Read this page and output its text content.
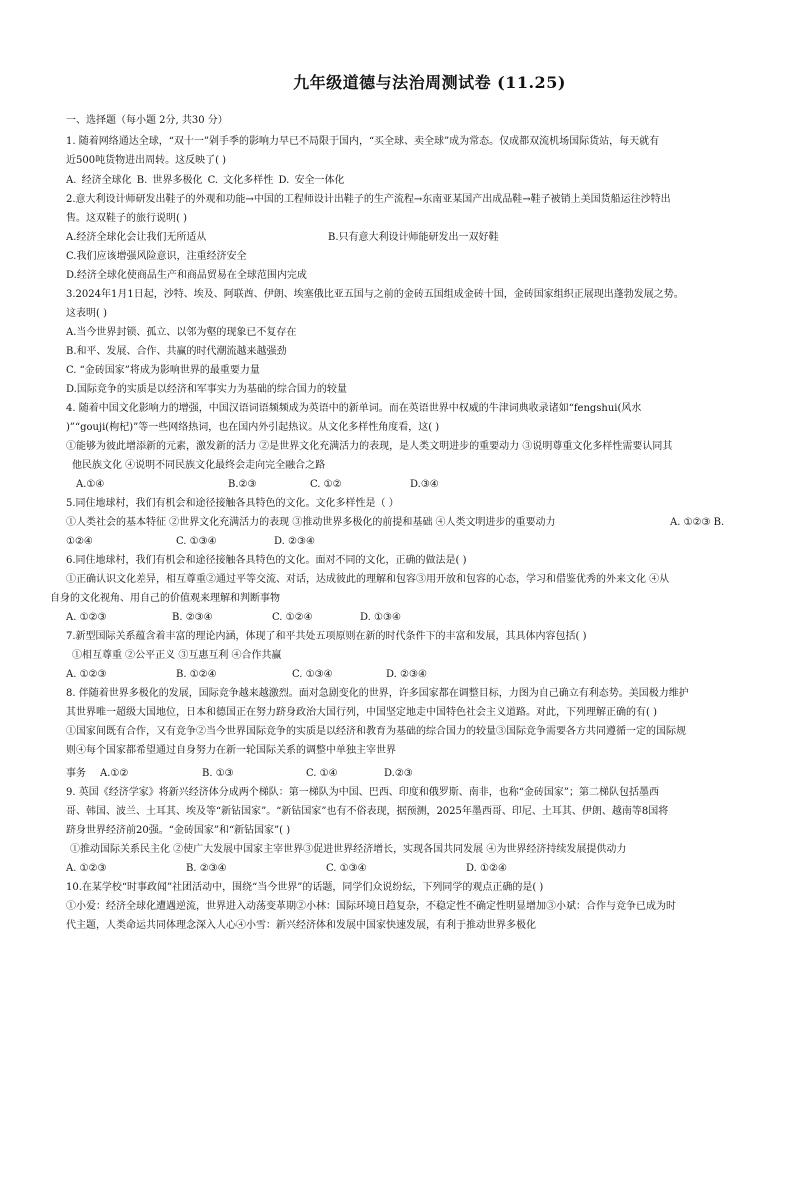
九年级道德与法治周测试卷 (11.25)
一、选择题（每小题 2分, 共30 分）
1. 随着网络通达全球，“双十一”剁手季的影响力早已不局限于国内，“买全球、卖全球”成为常态。仅成都双流机场国际货站，每天就有
近500吨货物进出周转。这反映了( )
A. 经济全球化 B. 世界多极化 C. 文化多样性 D. 安全一体化
2.意大利设计师研发出鞋子的外观和功能→中国的工程师设计出鞋子的生产流程→东南亚某国产出成品鞋→鞋子被销上美国货船运往沙特出
售。这双鞋子的旅行说明( )
A.经济全球化会让我们无所适从	B.只有意大利设计师能研发出一双好鞋
C.我们应该增强风险意识，注重经济安全
D.经济全球化使商品生产和商品贸易在全球范围内完成
3.2024年1月1日起，沙特、埃及、阿联酋、伊朗、埃塞俄比亚五国与之前的金砖五国组成金砖十国，金砖国家组织正展现出蓬勃发展之势。
这表明( )
A.当今世界封锁、孤立、以邻为壑的现象已不复存在
B.和平、发展、合作、共赢的时代潮流越来越强劲
C. “金砖国家”将成为影响世界的最重要力量
D.国际竞争的实质是以经济和军事实力为基础的综合国力的较量
4. 随着中国文化影响力的增强，中国汉语词语频频成为英语中的新单词。而在英语世界中权威的牛津词典收录诸如“fengshui(风水
)”“gouji(枸杞)”等一些网络热词，也在国内外引起热议。从文化多样性角度看，这( )
①能够为彼此增添新的元素，激发新的活力 ②是世界文化充满活力的表现，是人类文明进步的重要动力 ③说明尊重文化多样性需要认同其
他民族文化 ④说明不同民族文化最终会走向完全融合之路
A.①④	B.②③	C. ①②	D.③④
5.同住地球村，我们有机会和途径接触各具特色的文化。文化多样性是（ ）
①人类社会的基本特征 ②世界文化充满活力的表现 ③推动世界多极化的前提和基础 ④人类文明进步的重要动力	A. ①②③ B.
①②④	C. ①③④	D. ②③④
6.同住地球村，我们有机会和途径接触各具特色的文化。面对不同的文化，正确的做法是( )
①正确认识文化差异，相互尊重②通过平等交流、对话，达成彼此的理解和包容③用开放和包容的心态，学习和借鉴优秀的外来文化 ④从
自身的文化视角、用自己的价值观来理解和判断事物
A. ①②③	B. ②③④	C. ①②④	D. ①③④
7.新型国际关系蕴含着丰富的理论内涵，体现了和平共处五项原则在新的时代条件下的丰富和发展，其具体内容包括( )
①相互尊重 ②公平正义 ③互惠互利 ④合作共赢
A. ①②③	B. ①②④	C. ①③④	D. ②③④
8. 伴随着世界多极化的发展，国际竞争越来越激烈。面对急剧变化的世界，许多国家都在调整目标，力图为自己确立有利态势。美国极力维护
其世界唯一超级大国地位，日本和德国正在努力跻身政治大国行列，中国坚定地走中国特色社会主义道路。对此，下列理解正确的有( )
①国家间既有合作，又有竞争②当今世界国际竞争的实质是以经济和教育为基础的综合国力的较量③国际竞争需要各方共同遵循一定的国际规
则④每个国家都希望通过自身努力在新一轮国际关系的调整中单独主宰世界
事务	A.①②	B. ①③	C. ①④	D.②③
9. 英国《经济学家》将新兴经济体分成两个梯队：第一梯队为中国、巴西、印度和俄罗斯、南非，也称“金砖国家”；第二梯队包括墨西
哥、韩国、波兰、土耳其、埃及等“新钻国家”。“新钻国家”也有不俗表现，据预测，2025年墨西哥、印尼、土耳其、伊朗、越南等8国将
跻身世界经济前20强。“金砖国家”和“新钻国家”( )
①推动国际关系民主化 ②使广大发展中国家主宰世界③促进世界经济增长，实现各国共同发展 ④为世界经济持续发展提供动力
A. ①②③	B. ②③④	C. ①③④	D. ①②④
10.在某学校“时事政闻”社团活动中，围绕“当今世界”的话题，同学们众说纷纭，下列同学的观点正确的是( )
①小爱：经济全球化遭遇逆流，世界进入动荡变革期②小林：国际环境日趋复杂，不稳定性不确定性明显增加③小斌：合作与竞争已成为时
代主题，人类命运共同体理念深入人心④小雪：新兴经济体和发展中国家快速发展，有利于推动世界多极化
